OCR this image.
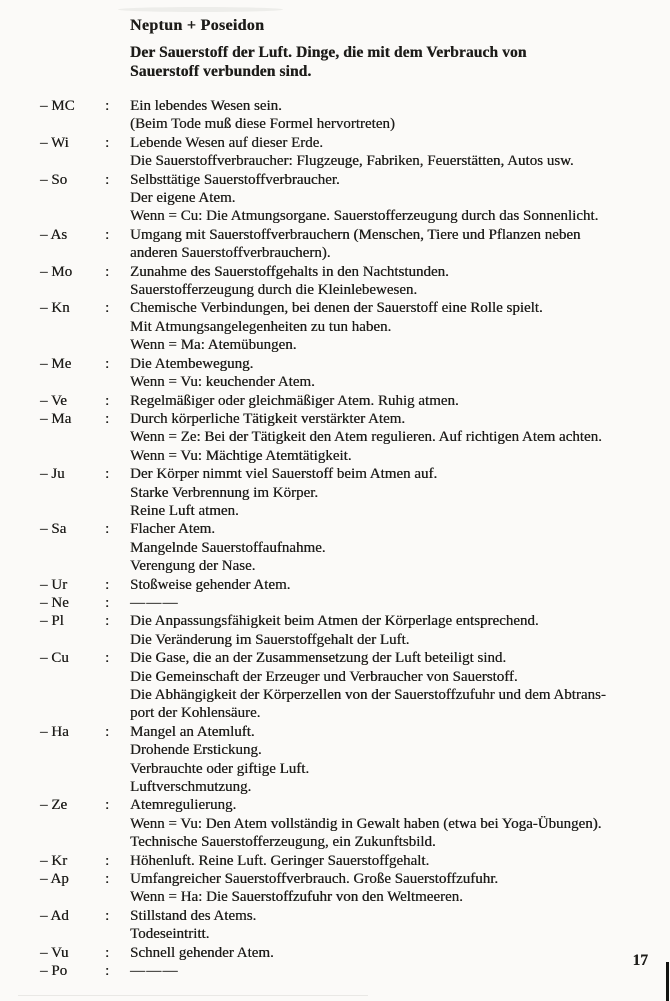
Neptun + Poseidon
Der Sauerstoff der Luft. Dinge, die mit dem Verbrauch von
Sauerstoff verbunden sind.
– MC	:	Ein lebendes Wesen sein.
(Beim Tode muß diese Formel hervortreten)
– Wi	:	Lebende Wesen auf dieser Erde.
Die Sauerstoffverbraucher: Flugzeuge, Fabriken, Feuerstätten, Autos usw.
– So	:	Selbsttätige Sauerstoffverbraucher.
Der eigene Atem.
Wenn = Cu: Die Atmungsorgane. Sauerstofferzeugung durch das Sonnenlicht.
– As	:	Umgang mit Sauerstoffverbrauchern (Menschen, Tiere und Pflanzen neben
anderen Sauerstoffverbrauchern).
– Mo	:	Zunahme des Sauerstoffgehalts in den Nachtstunden.
Sauerstofferzeugung durch die Kleinlebewesen.
– Kn	:	Chemische Verbindungen, bei denen der Sauerstoff eine Rolle spielt.
Mit Atmungsangelegenheiten zu tun haben.
Wenn = Ma: Atemübungen.
– Me	:	Die Atembewegung.
Wenn = Vu: keuchender Atem.
– Ve	:	Regelmäßiger oder gleichmäßiger Atem. Ruhig atmen.
– Ma	:	Durch körperliche Tätigkeit verstärkter Atem.
Wenn = Ze: Bei der Tätigkeit den Atem regulieren. Auf richtigen Atem achten.
Wenn = Vu: Mächtige Atemtätigkeit.
– Ju	:	Der Körper nimmt viel Sauerstoff beim Atmen auf.
Starke Verbrennung im Körper.
Reine Luft atmen.
– Sa	:	Flacher Atem.
Mangelnde Sauerstoffaufnahme.
Verengung der Nase.
– Ur	:	Stoßweise gehender Atem.
– Ne	:	— — —
– Pl	:	Die Anpassungsfähigkeit beim Atmen der Körperlage entsprechend.
Die Veränderung im Sauerstoffgehalt der Luft.
– Cu	:	Die Gase, die an der Zusammensetzung der Luft beteiligt sind.
Die Gemeinschaft der Erzeuger und Verbraucher von Sauerstoff.
Die Abhängigkeit der Körperzellen von der Sauerstoffzufuhr und dem Abtrans-
port der Kohlensäure.
– Ha	:	Mangel an Atemluft.
Drohende Erstickung.
Verbrauchte oder giftige Luft.
Luftverschmutzung.
– Ze	:	Atemregulierung.
Wenn = Vu: Den Atem vollständig in Gewalt haben (etwa bei Yoga-Übungen).
Technische Sauerstofferzeugung, ein Zukunftsbild.
– Kr	:	Höhenluft. Reine Luft. Geringer Sauerstoffgehalt.
– Ap	:	Umfangreicher Sauerstoffverbrauch. Große Sauerstoffzufuhr.
Wenn = Ha: Die Sauerstoffzufuhr von den Weltmeeren.
– Ad	:	Stillstand des Atems.
Todeseintritt.
– Vu	:	Schnell gehender Atem.
– Po	:	— — —
17
